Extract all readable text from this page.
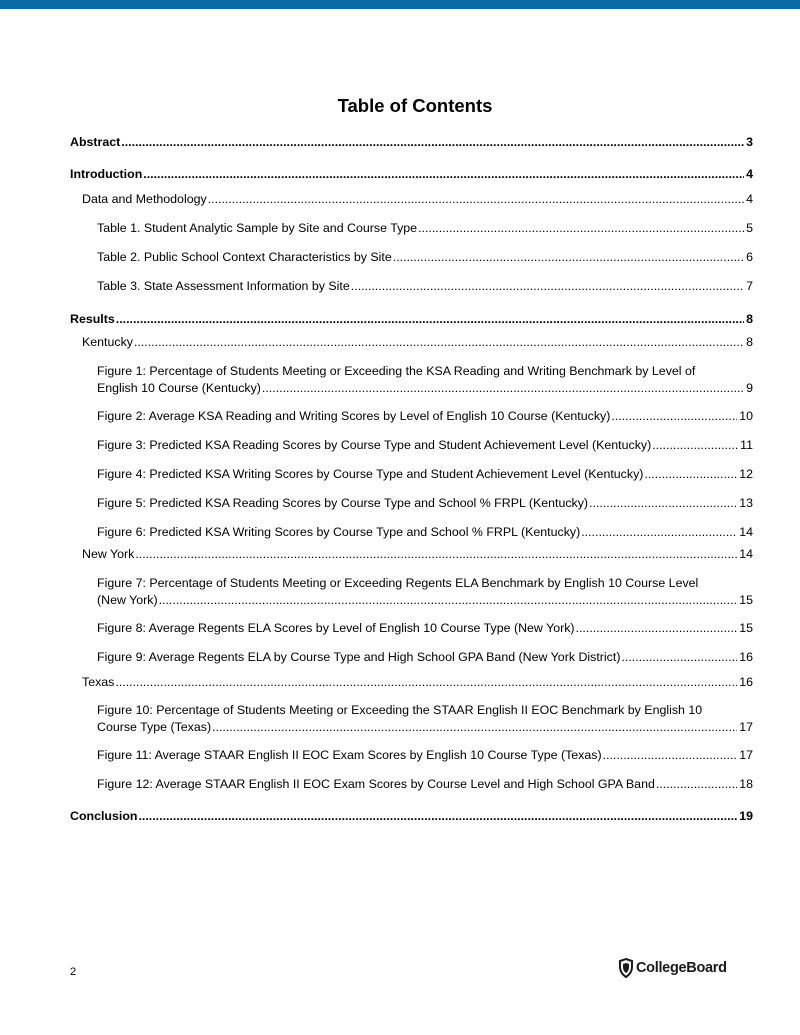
Table of Contents
Abstract .....	3
Introduction .....	4
Data and Methodology .....	4
Table 1. Student Analytic Sample by Site and Course Type .....	5
Table 2. Public School Context Characteristics by Site .....	6
Table 3. State Assessment Information by Site .....	7
Results .....	8
Kentucky .....	8
Figure 1: Percentage of Students Meeting or Exceeding the KSA Reading and Writing Benchmark by Level of
English 10 Course (Kentucky) .....	9
Figure 2: Average KSA Reading and Writing Scores by Level of English 10 Course (Kentucky) .....	10
Figure 3: Predicted KSA Reading Scores by Course Type and Student Achievement Level (Kentucky) .....	11
Figure 4: Predicted KSA Writing Scores by Course Type and Student Achievement Level (Kentucky) .....	12
Figure 5: Predicted KSA Reading Scores by Course Type and School % FRPL (Kentucky) .....	13
Figure 6: Predicted KSA Writing Scores by Course Type and School % FRPL (Kentucky) .....	14
New York .....	14
Figure 7: Percentage of Students Meeting or Exceeding Regents ELA Benchmark by English 10 Course Level
(New York) .....	15
Figure 8: Average Regents ELA Scores by Level of English 10 Course Type (New York) .....	15
Figure 9: Average Regents ELA by Course Type and High School GPA Band (New York District) .....	16
Texas .....	16
Figure 10: Percentage of Students Meeting or Exceeding the STAAR English II EOC Benchmark by English 10
Course Type (Texas) .....	17
Figure 11: Average STAAR English II EOC Exam Scores by English 10 Course Type (Texas) .....	17
Figure 12: Average STAAR English II EOC Exam Scores by Course Level and High School GPA Band .....	18
Conclusion .....	19
2	CollegeBoard
